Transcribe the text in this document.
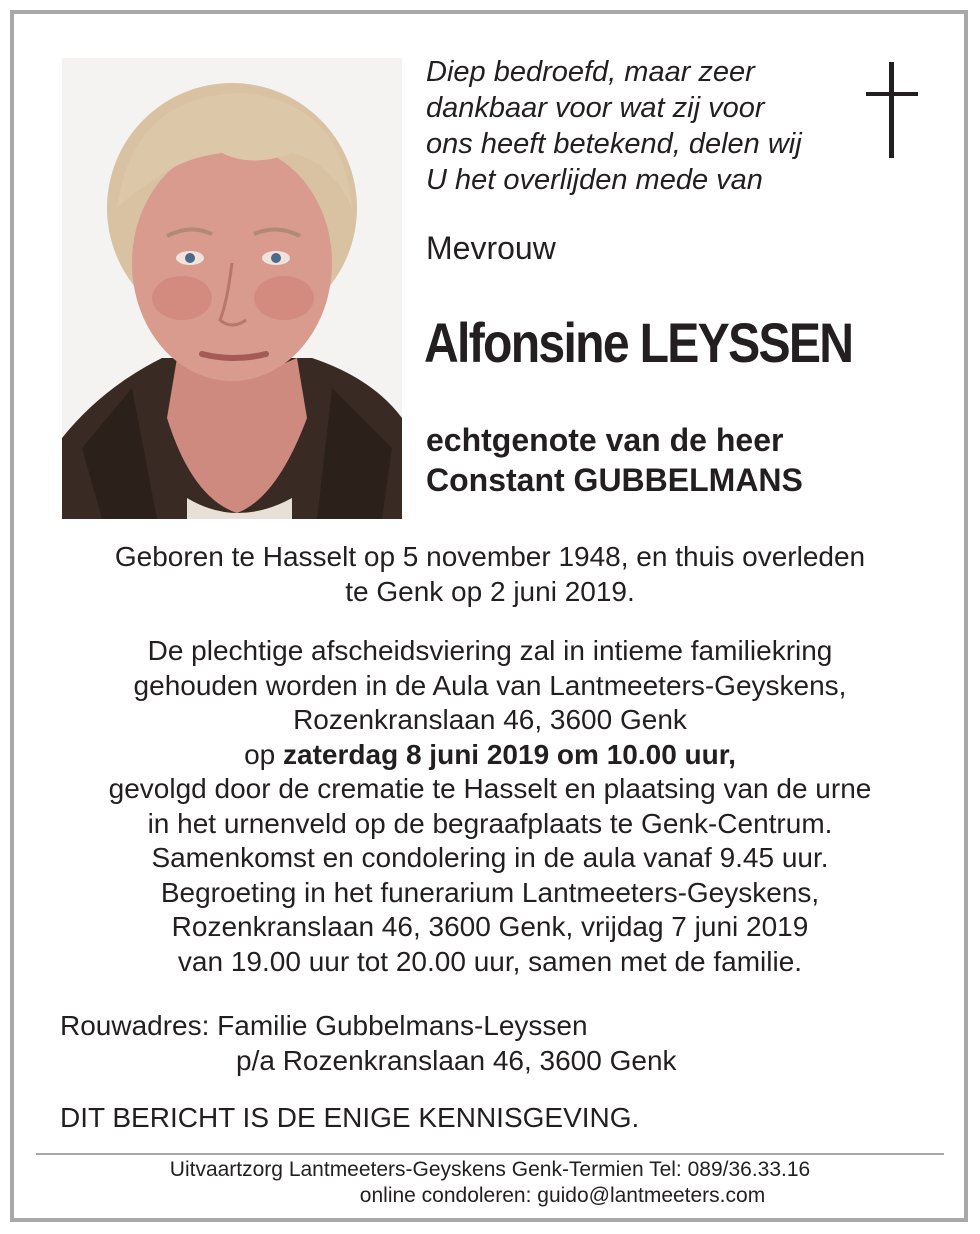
Diep bedroefd, maar zeer
dankbaar voor wat zij voor
ons heeft betekend, delen wij
U het overlijden mede van

Mevrouw

Alfonsine LEYSSEN

echtgenote van de heer
Constant GUBBELMANS
Geboren te Hasselt op 5 november 1948, en thuis overleden
te Genk op 2 juni 2019.
De plechtige afscheidsviering zal in intieme familiekring
gehouden worden in de Aula van Lantmeeters-Geyskens,
Rozenkranslaan 46, 3600 Genk
op zaterdag 8 juni 2019 om 10.00 uur,
gevolgd door de crematie te Hasselt en plaatsing van de urne
in het urnenveld op de begraafplaats te Genk-Centrum.
Samenkomst en condolering in de aula vanaf 9.45 uur.
Begroeting in het funerarium Lantmeeters-Geyskens,
Rozenkranslaan 46, 3600 Genk, vrijdag 7 juni 2019
van 19.00 uur tot 20.00 uur, samen met de familie.
Rouwadres: Familie Gubbelmans-Leyssen
p/a Rozenkranslaan 46, 3600 Genk

DIT BERICHT IS DE ENIGE KENNISGEVING.

Uitvaartzorg Lantmeeters-Geyskens Genk-Termien Tel: 089/36.33.16
online condoleren: guido@lantmeeters.com
